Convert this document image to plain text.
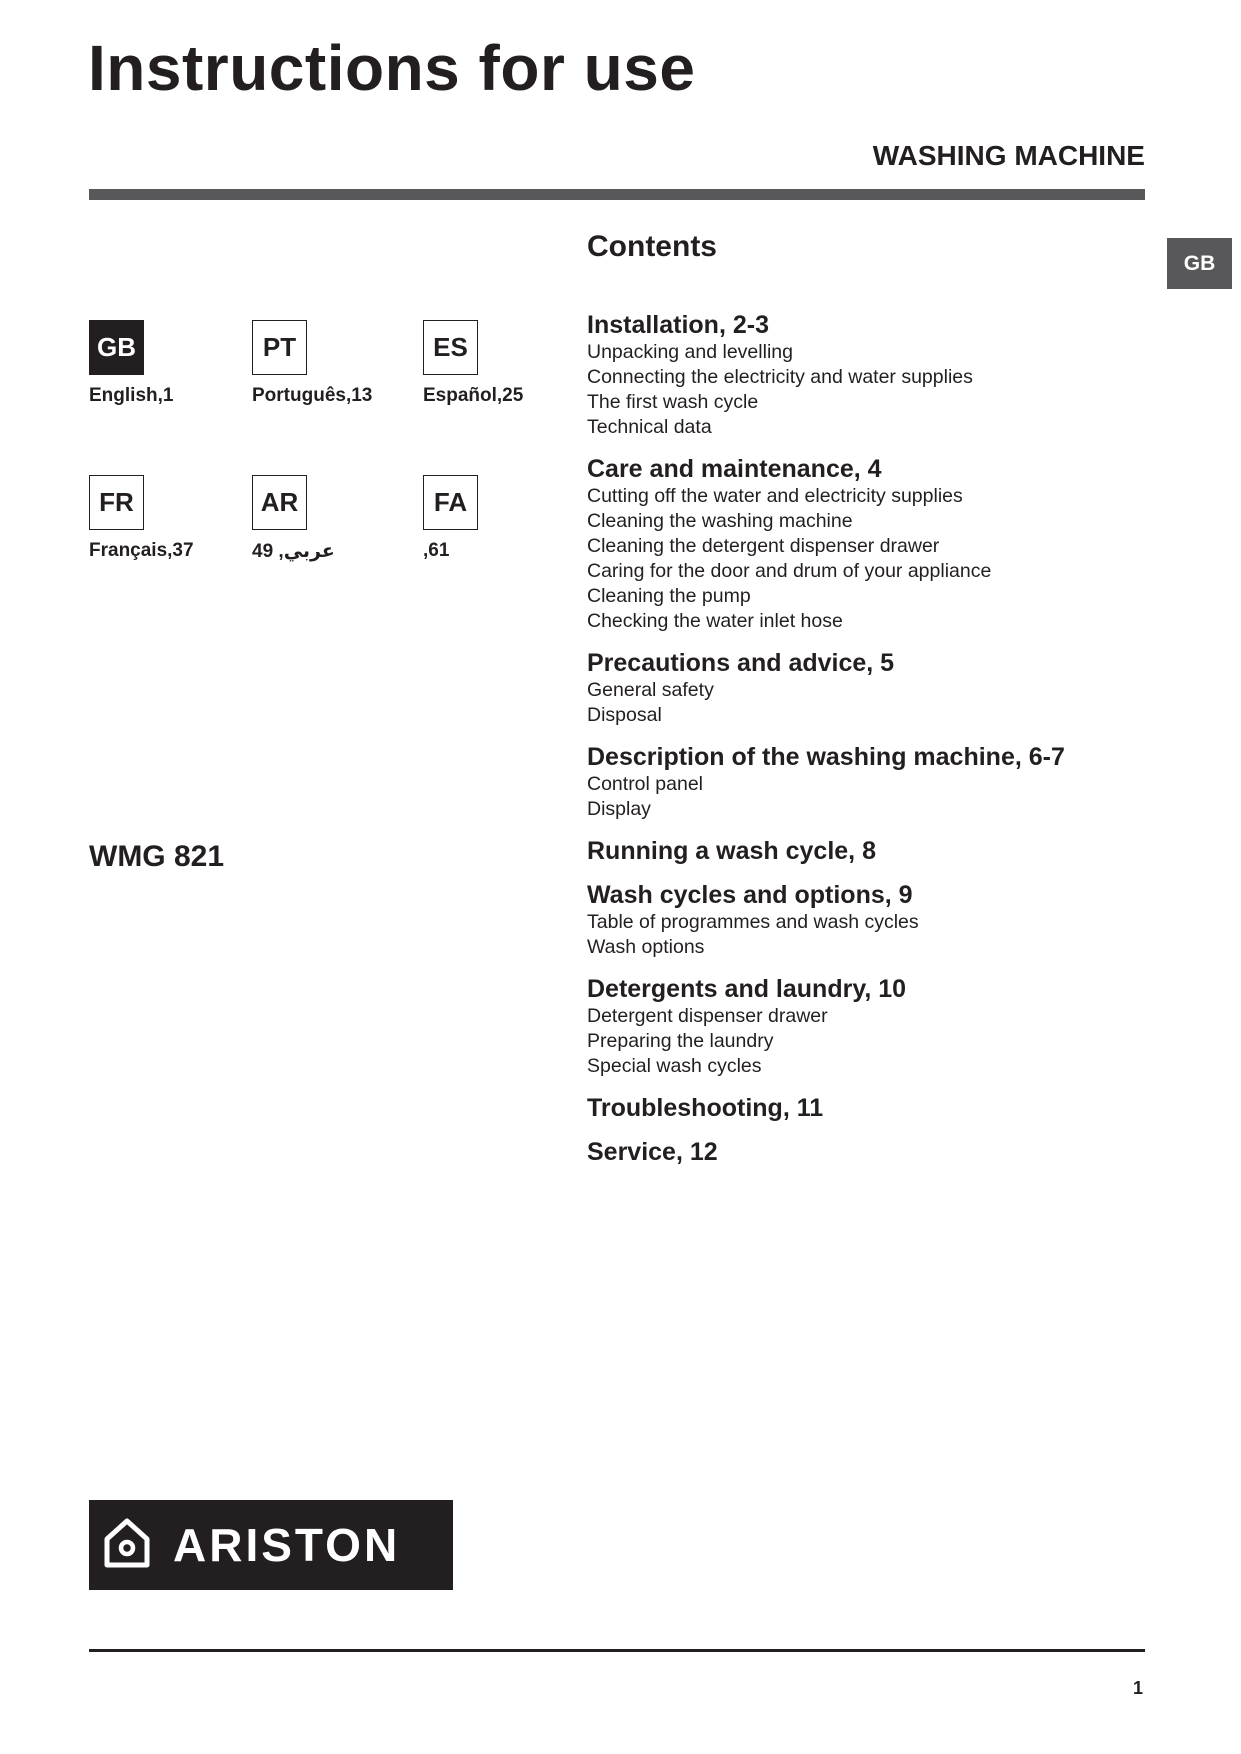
Instructions for use
WASHING MACHINE
GB
GB
English,1
PT
Português,13
ES
Español,25
FR
Français,37
AR
عربي, 49
FA
,61
WMG 821
Contents
Installation, 2-3
Unpacking and levelling
Connecting the electricity and water supplies
The first wash cycle
Technical data
Care and maintenance, 4
Cutting off the water and electricity supplies
Cleaning the washing machine
Cleaning the detergent dispenser drawer
Caring for the door and drum of your appliance
Cleaning the pump
Checking the water inlet hose
Precautions and advice, 5
General safety
Disposal
Description of the washing machine, 6-7
Control panel
Display
Running a wash cycle, 8
Wash cycles and options, 9
Table of programmes and wash cycles
Wash options
Detergents and laundry, 10
Detergent dispenser drawer
Preparing the laundry
Special wash cycles
Troubleshooting, 11
Service, 12
ARISTON
1
